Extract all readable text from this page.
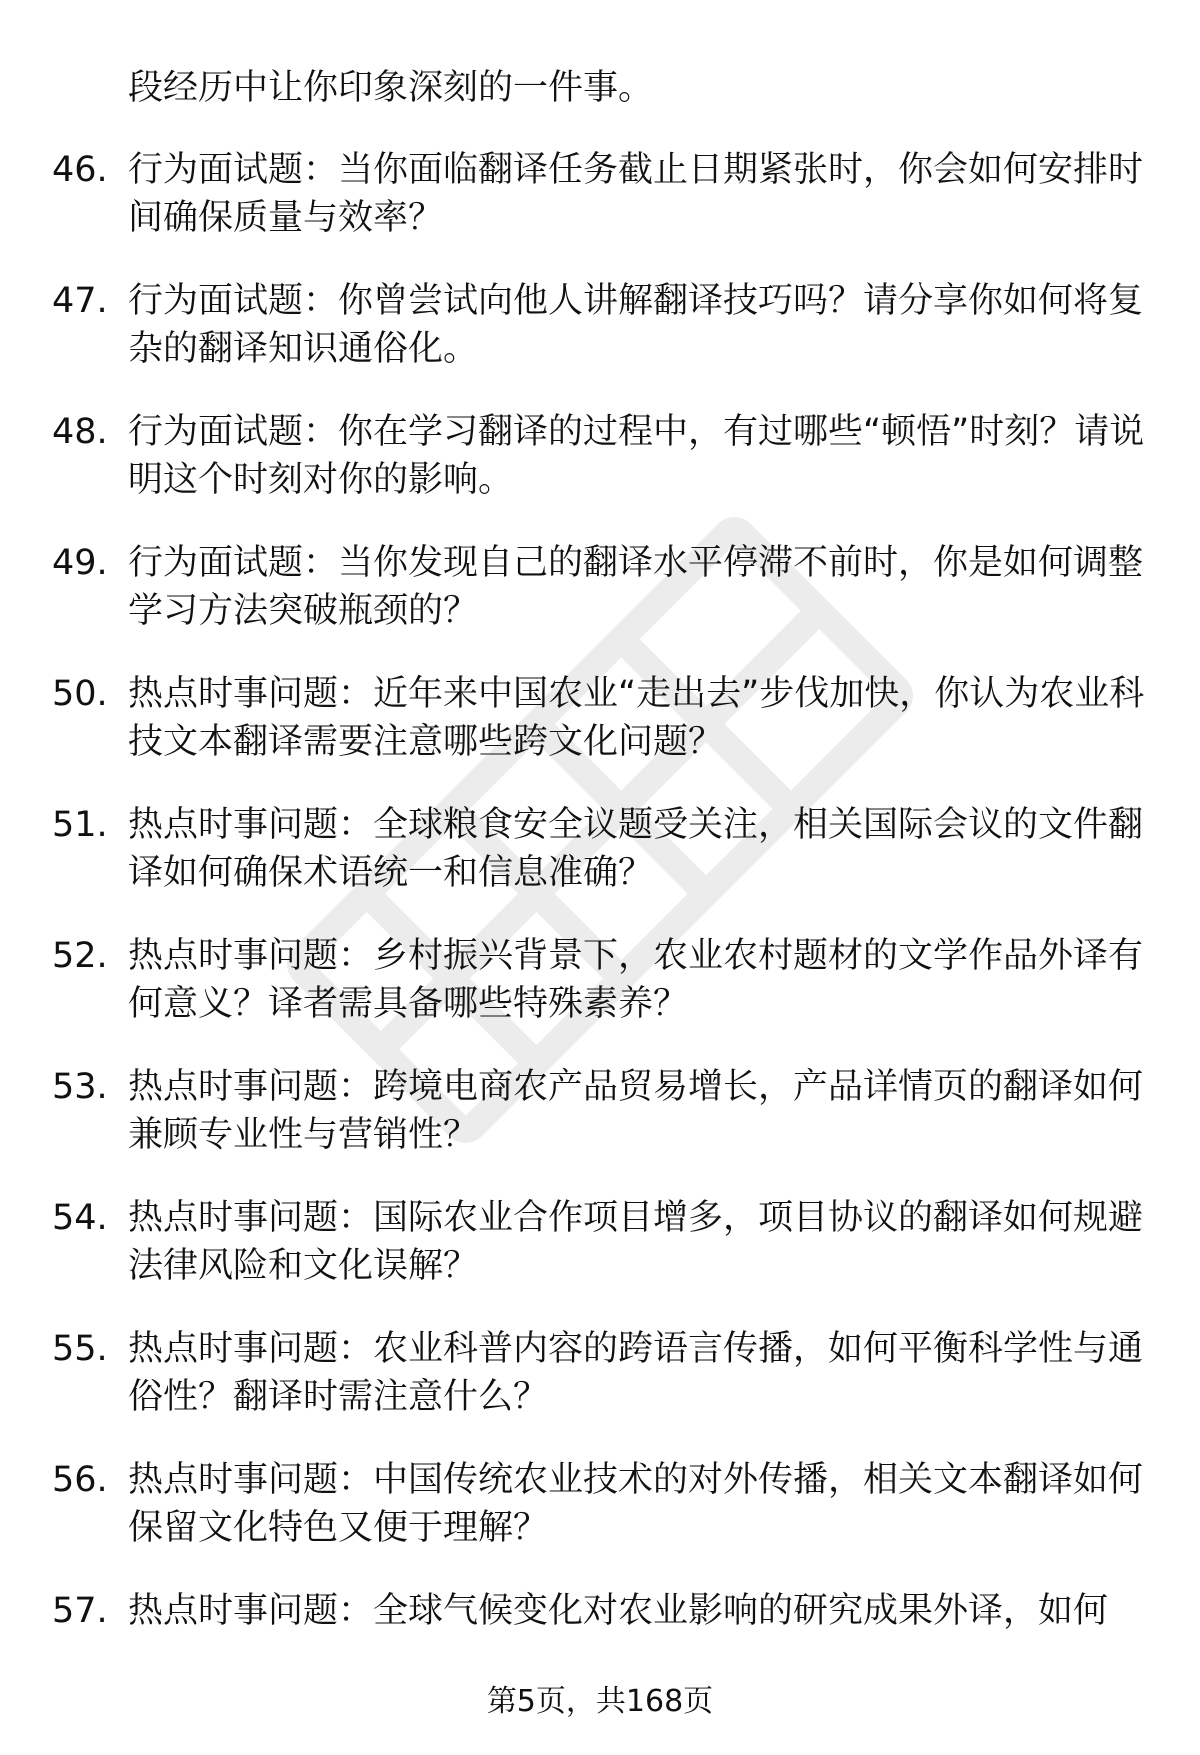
段经历中让你印象深刻的一件事。
46. 行为面试题：当你面临翻译任务截止日期紧张时，你会如何安排时间确保质量与效率？
47. 行为面试题：你曾尝试向他人讲解翻译技巧吗？请分享你如何将复杂的翻译知识通俗化。
48. 行为面试题：你在学习翻译的过程中，有过哪些“顿悟”时刻？请说明这个时刻对你的影响。
49. 行为面试题：当你发现自己的翻译水平停滞不前时，你是如何调整学习方法突破瓶颈的？
50. 热点时事问题：近年来中国农业“走出去”步伐加快，你认为农业科技文本翻译需要注意哪些跨文化问题？
51. 热点时事问题：全球粮食安全议题受关注，相关国际会议的文件翻译如何确保术语统一和信息准确？
52. 热点时事问题：乡村振兴背景下，农业农村题材的文学作品外译有何意义？译者需具备哪些特殊素养？
53. 热点时事问题：跨境电商农产品贸易增长，产品详情页的翻译如何兼顾专业性与营销性？
54. 热点时事问题：国际农业合作项目增多，项目协议的翻译如何规避法律风险和文化误解？
55. 热点时事问题：农业科普内容的跨语言传播，如何平衡科学性与通俗性？翻译时需注意什么？
56. 热点时事问题：中国传统农业技术的对外传播，相关文本翻译如何保留文化特色又便于理解？
57. 热点时事问题：全球气候变化对农业影响的研究成果外译，如何
第5页，共168页
